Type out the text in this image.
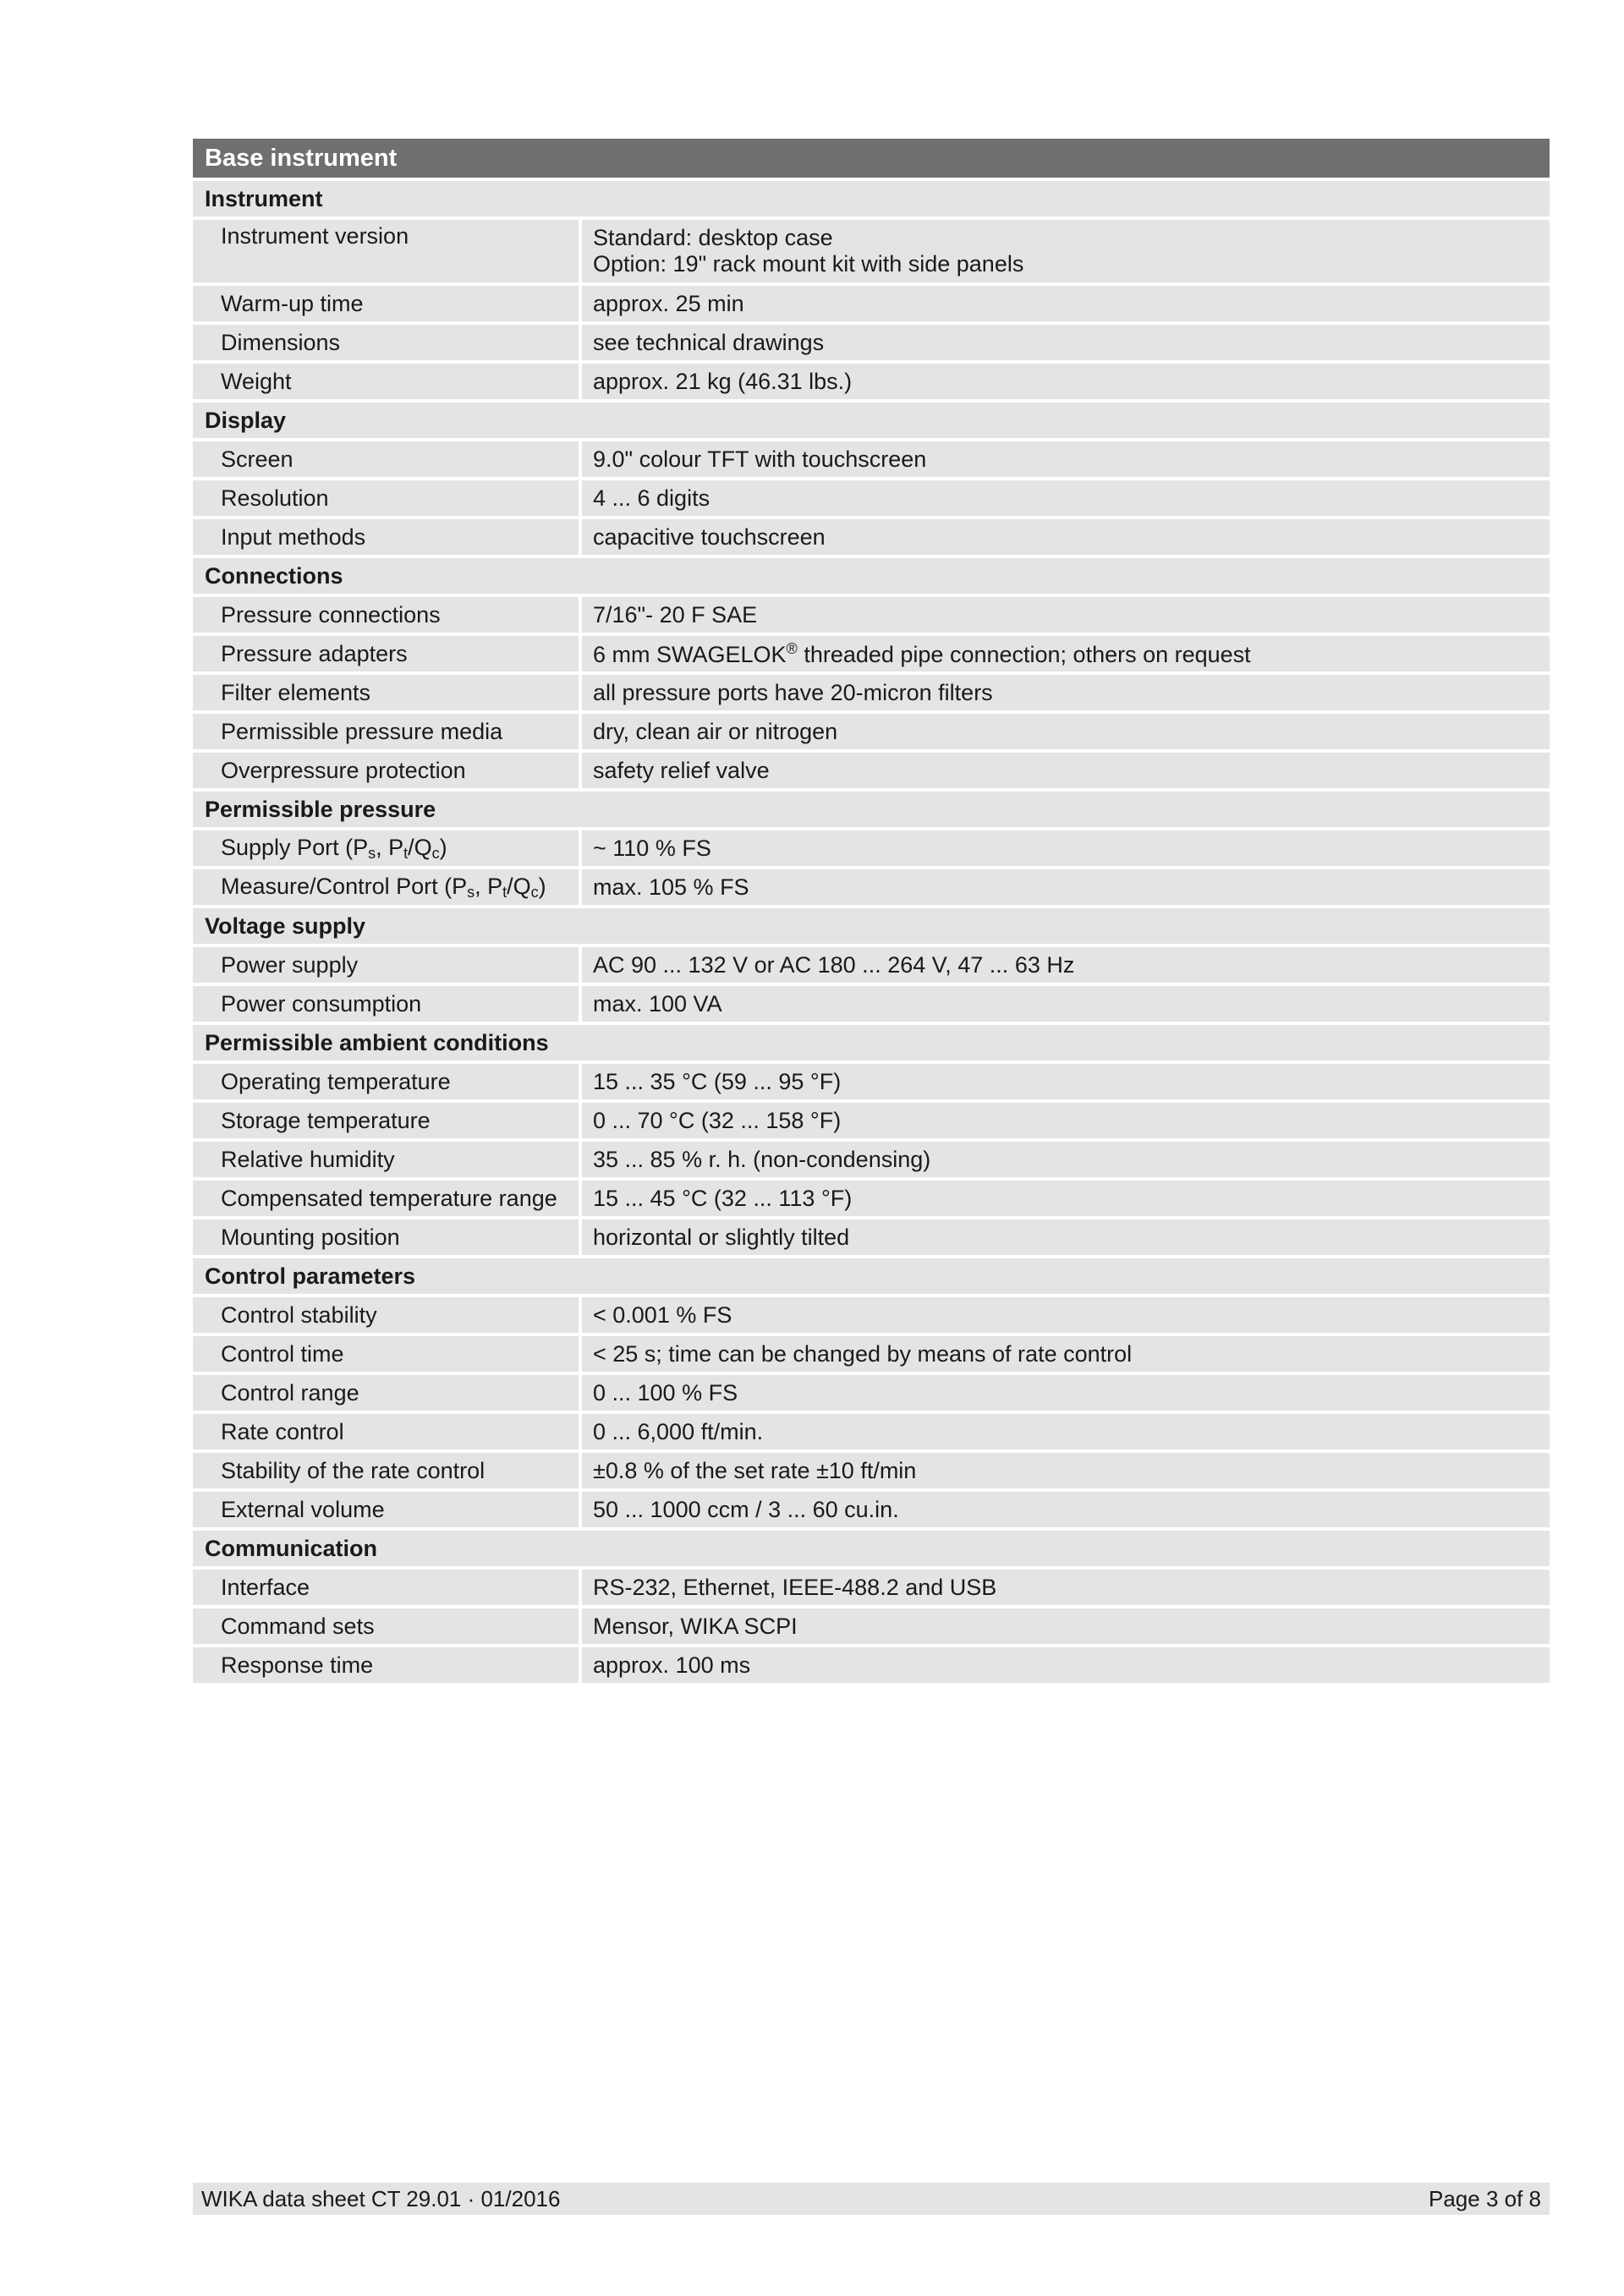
Base instrument
Instrument
Instrument version	Standard: desktop case
Option: 19" rack mount kit with side panels
Warm-up time	approx. 25 min
Dimensions	see technical drawings
Weight	approx. 21 kg (46.31 lbs.)
Display
Screen	9.0" colour TFT with touchscreen
Resolution	4 ... 6 digits
Input methods	capacitive touchscreen
Connections
Pressure connections	7/16"- 20 F SAE
Pressure adapters	6 mm SWAGELOK® threaded pipe connection; others on request
Filter elements	all pressure ports have 20-micron filters
Permissible pressure media	dry, clean air or nitrogen
Overpressure protection	safety relief valve
Permissible pressure
Supply Port ($P_s$, $P_t/Q_c$)	~ 110 % FS
Measure/Control Port ($P_s$, $P_t/Q_c$)	max. 105 % FS
Voltage supply
Power supply	AC 90 ... 132 V or AC 180 ... 264 V, 47 ... 63 Hz
Power consumption	max. 100 VA
Permissible ambient conditions
Operating temperature	15 ... 35 °C (59 ... 95 °F)
Storage temperature	0 ... 70 °C (32 ... 158 °F)
Relative humidity	35 ... 85 % r. h. (non-condensing)
Compensated temperature range	15 ... 45 °C (32 ... 113 °F)
Mounting position	horizontal or slightly tilted
Control parameters
Control stability	< 0.001 % FS
Control time	< 25 s; time can be changed by means of rate control
Control range	0 ... 100 % FS
Rate control	0 ... 6,000 ft/min.
Stability of the rate control	±0.8 % of the set rate ±10 ft/min
External volume	50 ... 1000 ccm / 3 ... 60 cu.in.
Communication
Interface	RS-232, Ethernet, IEEE-488.2 and USB
Command sets	Mensor, WIKA SCPI
Response time	approx. 100 ms
WIKA data sheet CT 29.01 · 01/2016	Page 3 of 8
